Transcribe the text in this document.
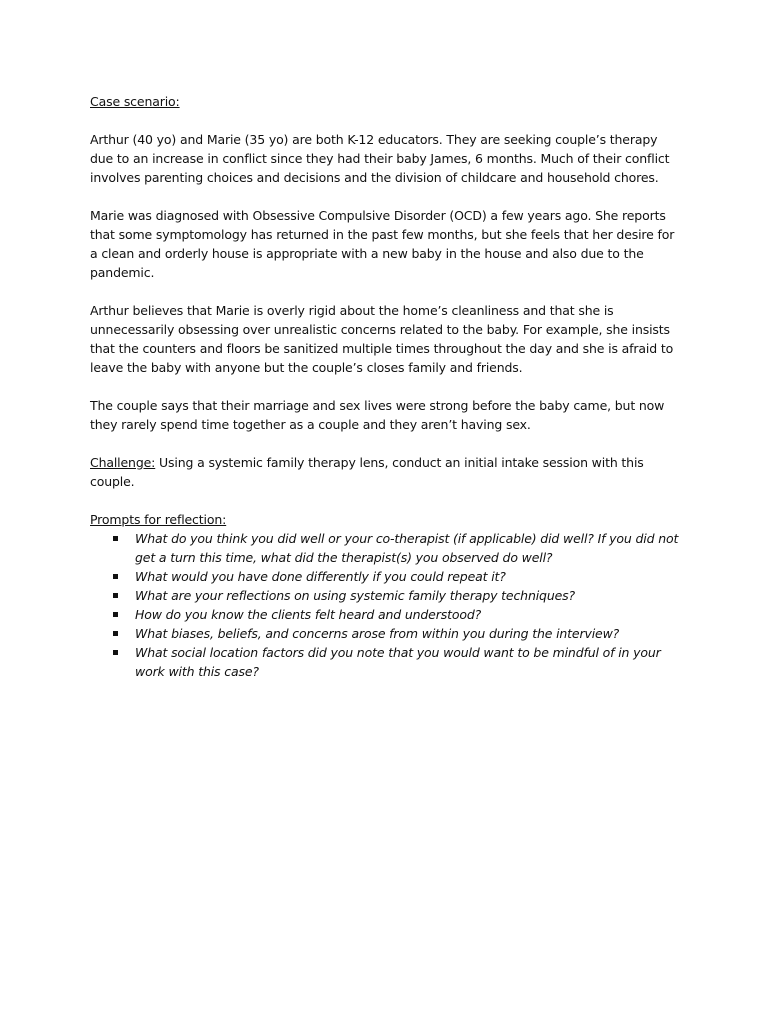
Case scenario:

Arthur (40 yo) and Marie (35 yo) are both K-12 educators. They are seeking couple’s therapy due to an increase in conflict since they had their baby James, 6 months. Much of their conflict involves parenting choices and decisions and the division of childcare and household chores.

Marie was diagnosed with Obsessive Compulsive Disorder (OCD) a few years ago. She reports that some symptomology has returned in the past few months, but she feels that her desire for a clean and orderly house is appropriate with a new baby in the house and also due to the pandemic.

Arthur believes that Marie is overly rigid about the home’s cleanliness and that she is unnecessarily obsessing over unrealistic concerns related to the baby. For example, she insists that the counters and floors be sanitized multiple times throughout the day and she is afraid to leave the baby with anyone but the couple’s closes family and friends.

The couple says that their marriage and sex lives were strong before the baby came, but now they rarely spend time together as a couple and they aren’t having sex.

Challenge: Using a systemic family therapy lens, conduct an initial intake session with this couple.

Prompts for reflection:

What do you think you did well or your co-therapist (if applicable) did well? If you did not get a turn this time, what did the therapist(s) you observed do well?
What would you have done differently if you could repeat it?
What are your reflections on using systemic family therapy techniques?
How do you know the clients felt heard and understood?
What biases, beliefs, and concerns arose from within you during the interview?
What social location factors did you note that you would want to be mindful of in your work with this case?
